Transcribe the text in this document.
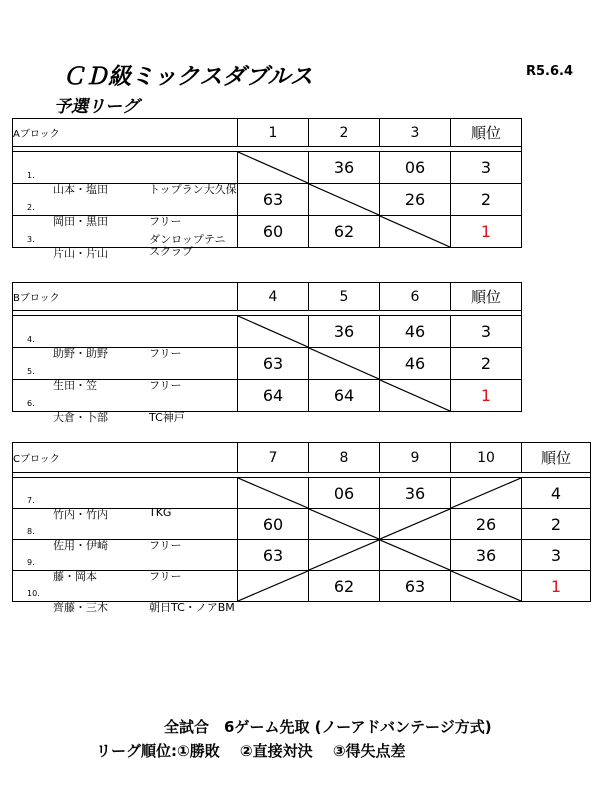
ＣＤ級ミックスダブルス	R5.6.4
予選リーグ
Aブロック	1	2	3	順位

1.
山本・塩田 トップラン大久保		36	06	3

2.
岡田・黒田 フリー	63		26	2

3.
片山・片山
ダンロップテニスクラブ	60	62		1
Bブロック	4	5	6	順位

4.
助野・助野 フリー		36	46	3

5.
生田・笠 フリー	63		46	2

6.
大倉・卜部 TC神戸	64	64		1
Cブロック	7	8	9	10	順位

7.
竹内・竹内 TKG		06	36		4

8.
佐用・伊崎 フリー	60			26	2

9.
藤・岡本 フリー	63			36	3

10.
齊藤・三木 朝日TC・ノアBM		62	63		1
全試合　6ゲーム先取 (ノーアドバンテージ方式)
リーグ順位:①勝敗　 ②直接対決　 ③得失点差
